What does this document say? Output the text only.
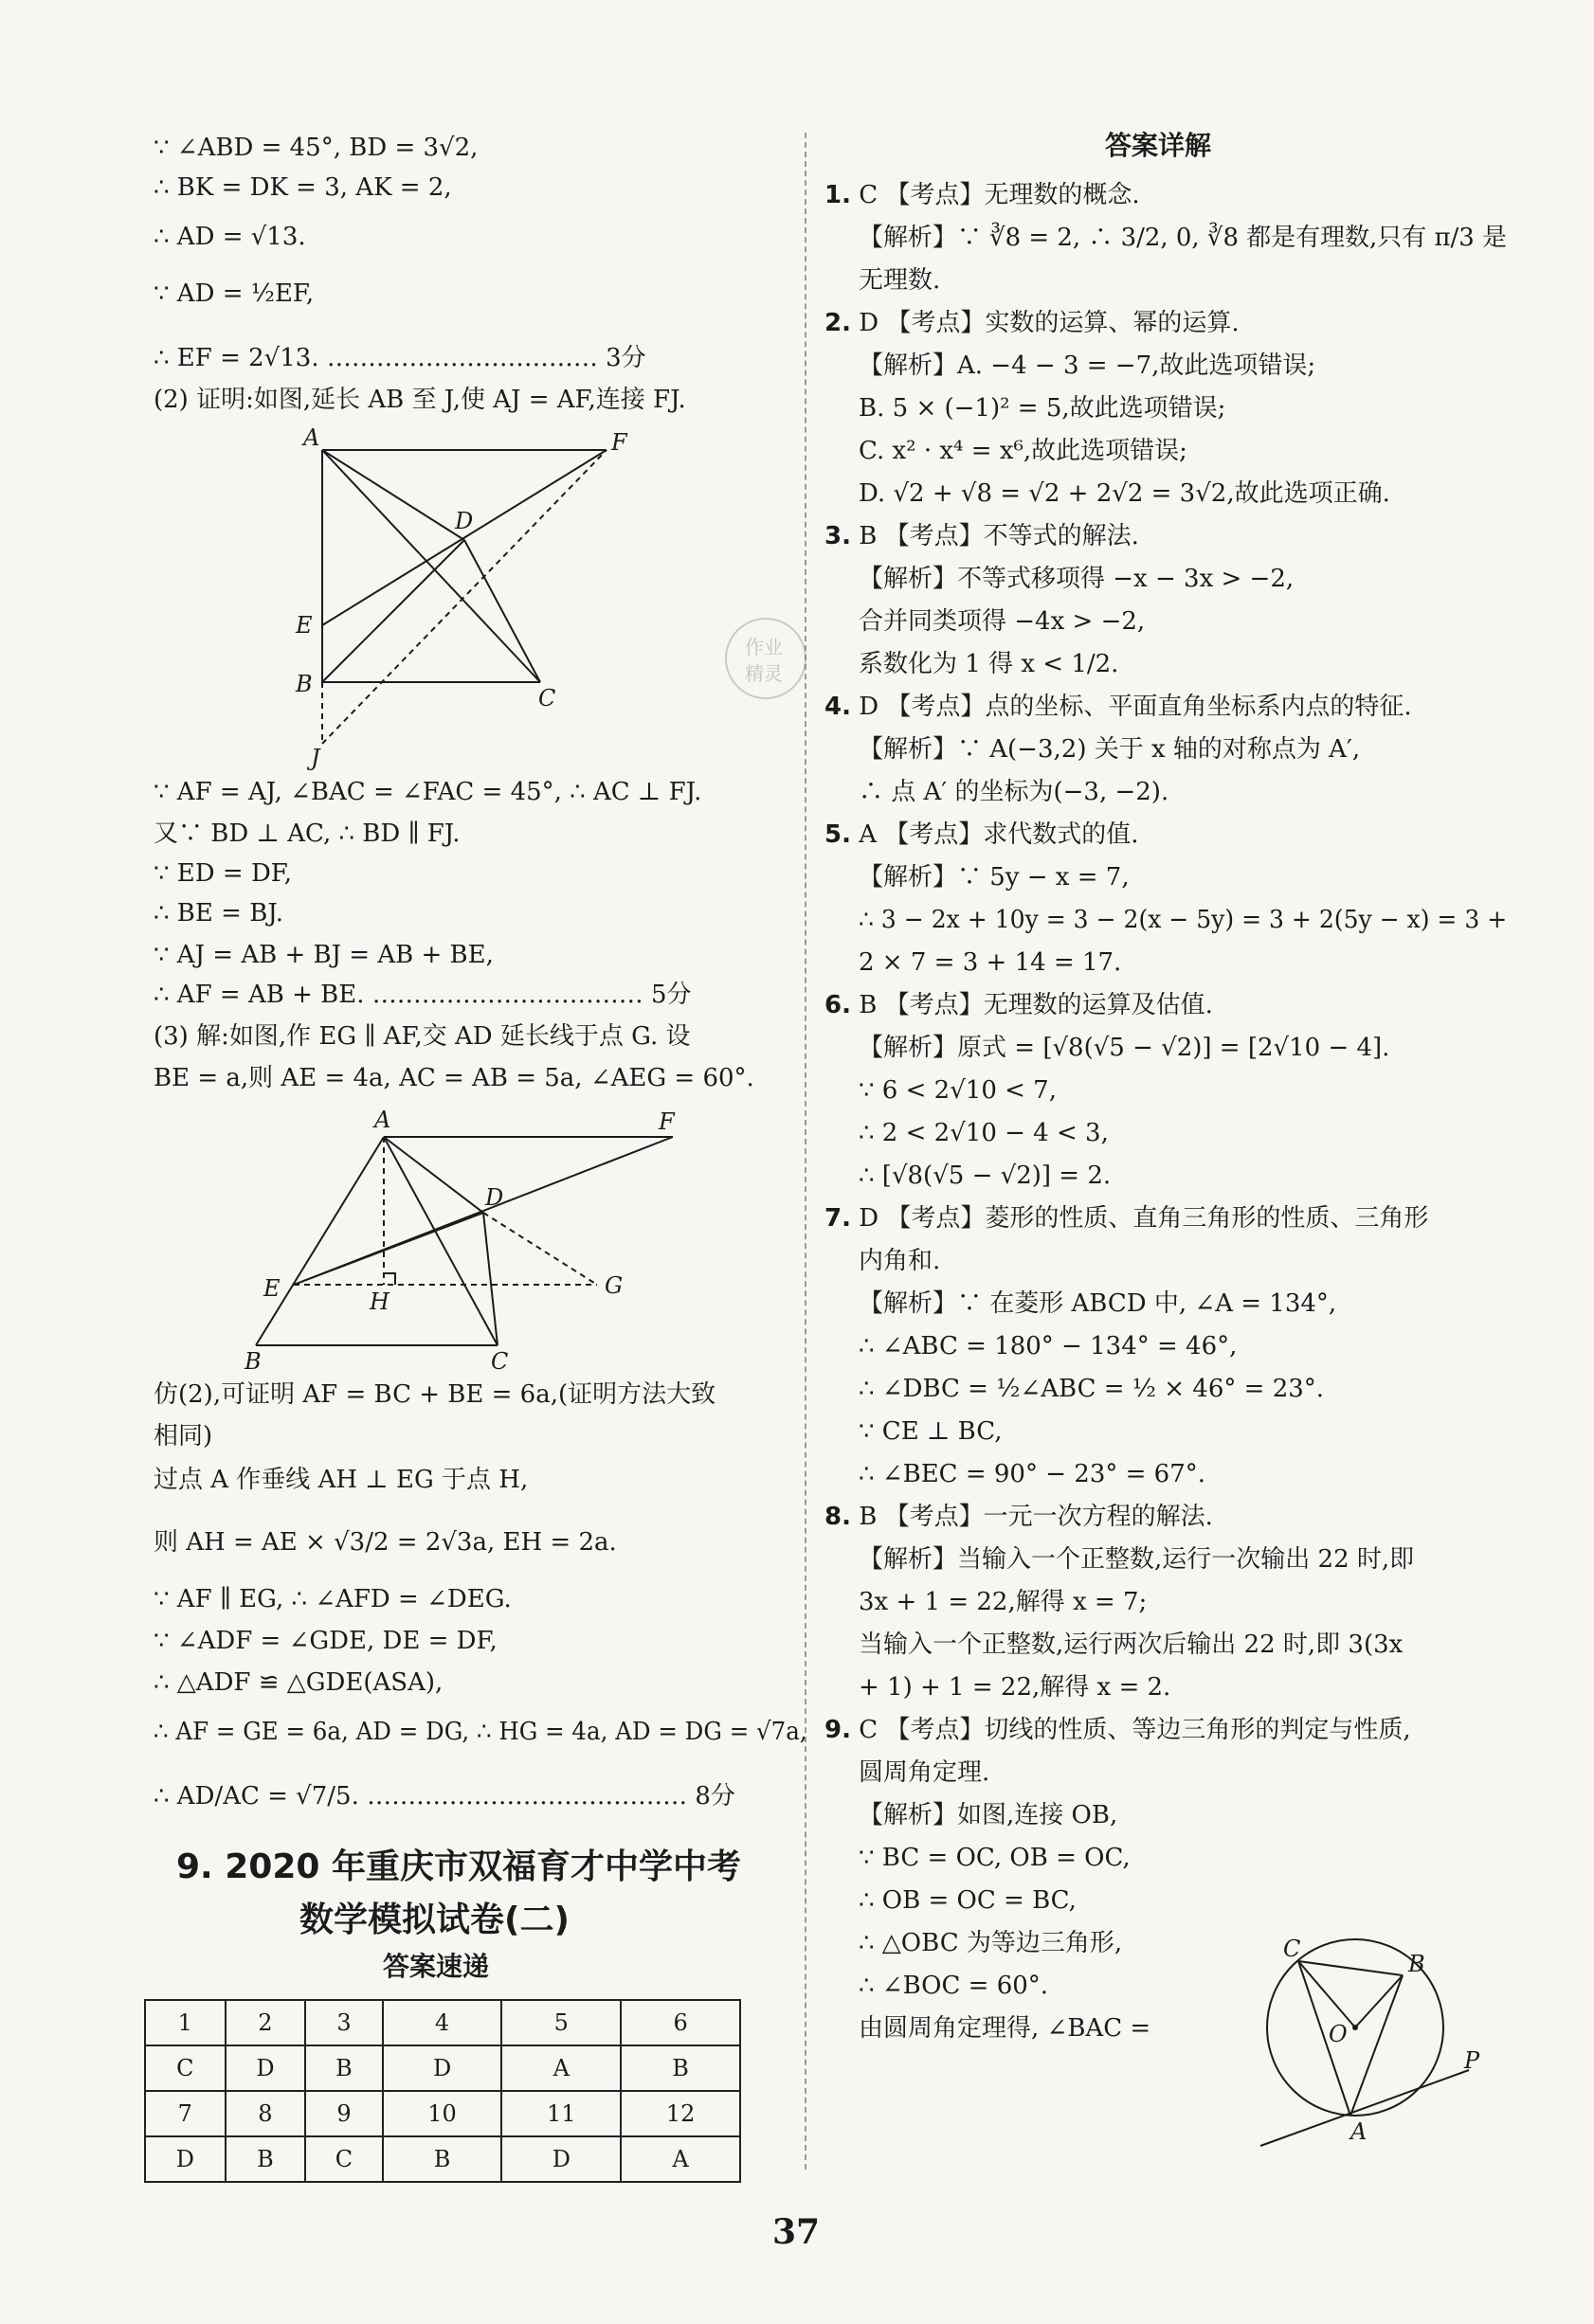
∵ ∠ABD = 45°, BD = 3√2,
∴ BK = DK = 3, AK = 2,
∴ AD = √13.
∵ AD = ½EF,
∴ EF = 2√13. …………………………… 3分
(2) 证明:如图,延长 AB 至 J,使 AJ = AF,连接 FJ.
A	F
D
E
B
C
J
∵ AF = AJ, ∠BAC = ∠FAC = 45°, ∴ AC ⊥ FJ.
又∵ BD ⊥ AC, ∴ BD ∥ FJ.
∵ ED = DF,
∴ BE = BJ.
∵ AJ = AB + BJ = AB + BE,
∴ AF = AB + BE. …………………………… 5分
(3) 解:如图,作 EG ∥ AF,交 AD 延长线于点 G. 设
BE = a,则 AE = 4a, AC = AB = 5a, ∠AEG = 60°.
A	F
D
E	H
G
B	C
仿(2),可证明 AF = BC + BE = 6a,(证明方法大致
相同)
过点 A 作垂线 AH ⊥ EG 于点 H,
则 AH = AE × √3/2 = 2√3a, EH = 2a.
∵ AF ∥ EG, ∴ ∠AFD = ∠DEG.
∵ ∠ADF = ∠GDE, DE = DF,
∴ △ADF ≌ △GDE(ASA),
∴ AF = GE = 6a, AD = DG, ∴ HG = 4a, AD = DG = √7a,
∴ AD/AC = √7/5. ………………………………… 8分
9. 2020 年重庆市双福育才中学中考
数学模拟试卷(二)
答案速递
1	2	3	4	5	6
C	D	B	D	A	B
7	8	9	10	11	12
D	B	C	B	D	A
作业
精灵
答案详解
1. C 【考点】无理数的概念.
【解析】∵ ∛8 = 2, ∴ 3/2, 0, ∛8 都是有理数,只有 π/3 是
无理数.
2. D 【考点】实数的运算、幂的运算.
【解析】A. −4 − 3 = −7,故此选项错误;
B. 5 × (−1)² = 5,故此选项错误;
C. x² · x⁴ = x⁶,故此选项错误;
D. √2 + √8 = √2 + 2√2 = 3√2,故此选项正确.
3. B 【考点】不等式的解法.
【解析】不等式移项得 −x − 3x > −2,
合并同类项得 −4x > −2,
系数化为 1 得 x < 1/2.
4. D 【考点】点的坐标、平面直角坐标系内点的特征.
【解析】∵ A(−3,2) 关于 x 轴的对称点为 A′,
∴ 点 A′ 的坐标为(−3, −2).
5. A 【考点】求代数式的值.
【解析】∵ 5y − x = 7,
∴ 3 − 2x + 10y = 3 − 2(x − 5y) = 3 + 2(5y − x) = 3 +
2 × 7 = 3 + 14 = 17.
6. B 【考点】无理数的运算及估值.
【解析】原式 = [√8(√5 − √2)] = [2√10 − 4].
∵ 6 < 2√10 < 7,
∴ 2 < 2√10 − 4 < 3,
∴ [√8(√5 − √2)] = 2.
7. D 【考点】菱形的性质、直角三角形的性质、三角形
内角和.
【解析】∵ 在菱形 ABCD 中, ∠A = 134°,
∴ ∠ABC = 180° − 134° = 46°,
∴ ∠DBC = ½∠ABC = ½ × 46° = 23°.
∵ CE ⊥ BC,
∴ ∠BEC = 90° − 23° = 67°.
8. B 【考点】一元一次方程的解法.
【解析】当输入一个正整数,运行一次输出 22 时,即
3x + 1 = 22,解得 x = 7;
当输入一个正整数,运行两次后输出 22 时,即 3(3x
+ 1) + 1 = 22,解得 x = 2.
9. C 【考点】切线的性质、等边三角形的判定与性质,
圆周角定理.
【解析】如图,连接 OB,
∵ BC = OC, OB = OC,
∴ OB = OC = BC,
∴ △OBC 为等边三角形,
∴ ∠BOC = 60°.
由圆周角定理得, ∠BAC =
C
B
O
P
A
37
